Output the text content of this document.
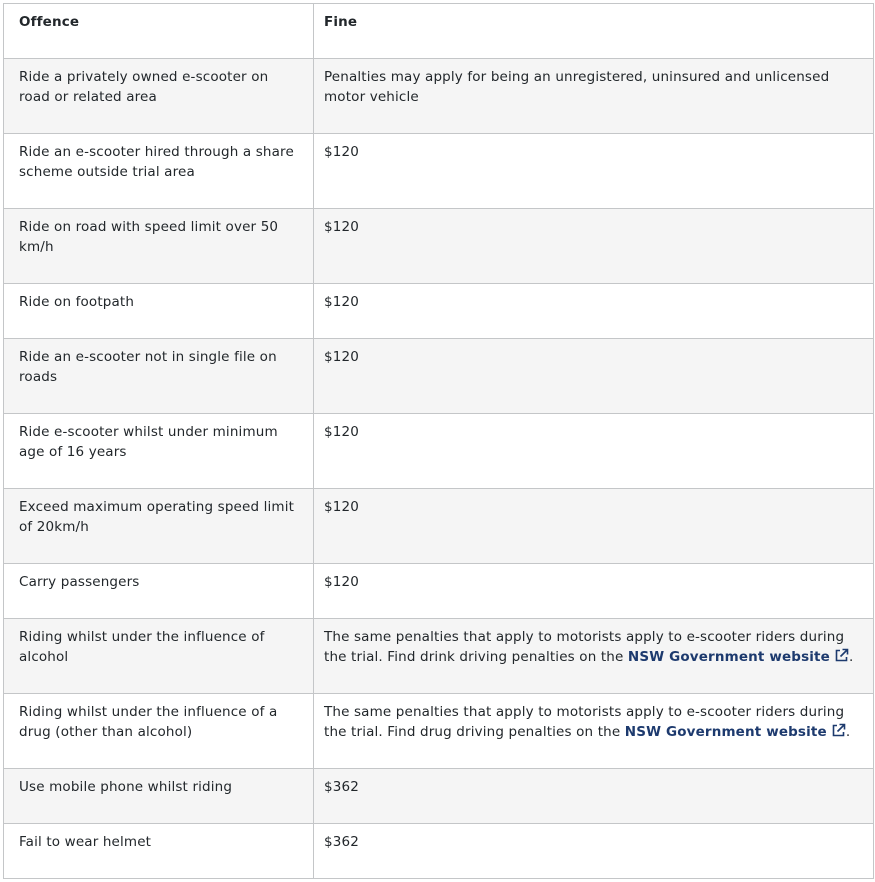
Offence	Fine
Ride a privately owned e-scooter on road or related area	Penalties may apply for being an unregistered, uninsured and unlicensed motor vehicle
Ride an e-scooter hired through a share scheme outside trial area	$120
Ride on road with speed limit over 50 km/h	$120
Ride on footpath	$120
Ride an e-scooter not in single file on roads	$120
Ride e-scooter whilst under minimum age of 16 years	$120
Exceed maximum operating speed limit of 20km/h	$120
Carry passengers	$120
Riding whilst under the influence of alcohol	The same penalties that apply to motorists apply to e-scooter riders during the trial. Find drink driving penalties on the NSW Government website .
Riding whilst under the influence of a drug (other than alcohol)	The same penalties that apply to motorists apply to e-scooter riders during the trial. Find drug driving penalties on the NSW Government website .
Use mobile phone whilst riding	$362
Fail to wear helmet	$362
